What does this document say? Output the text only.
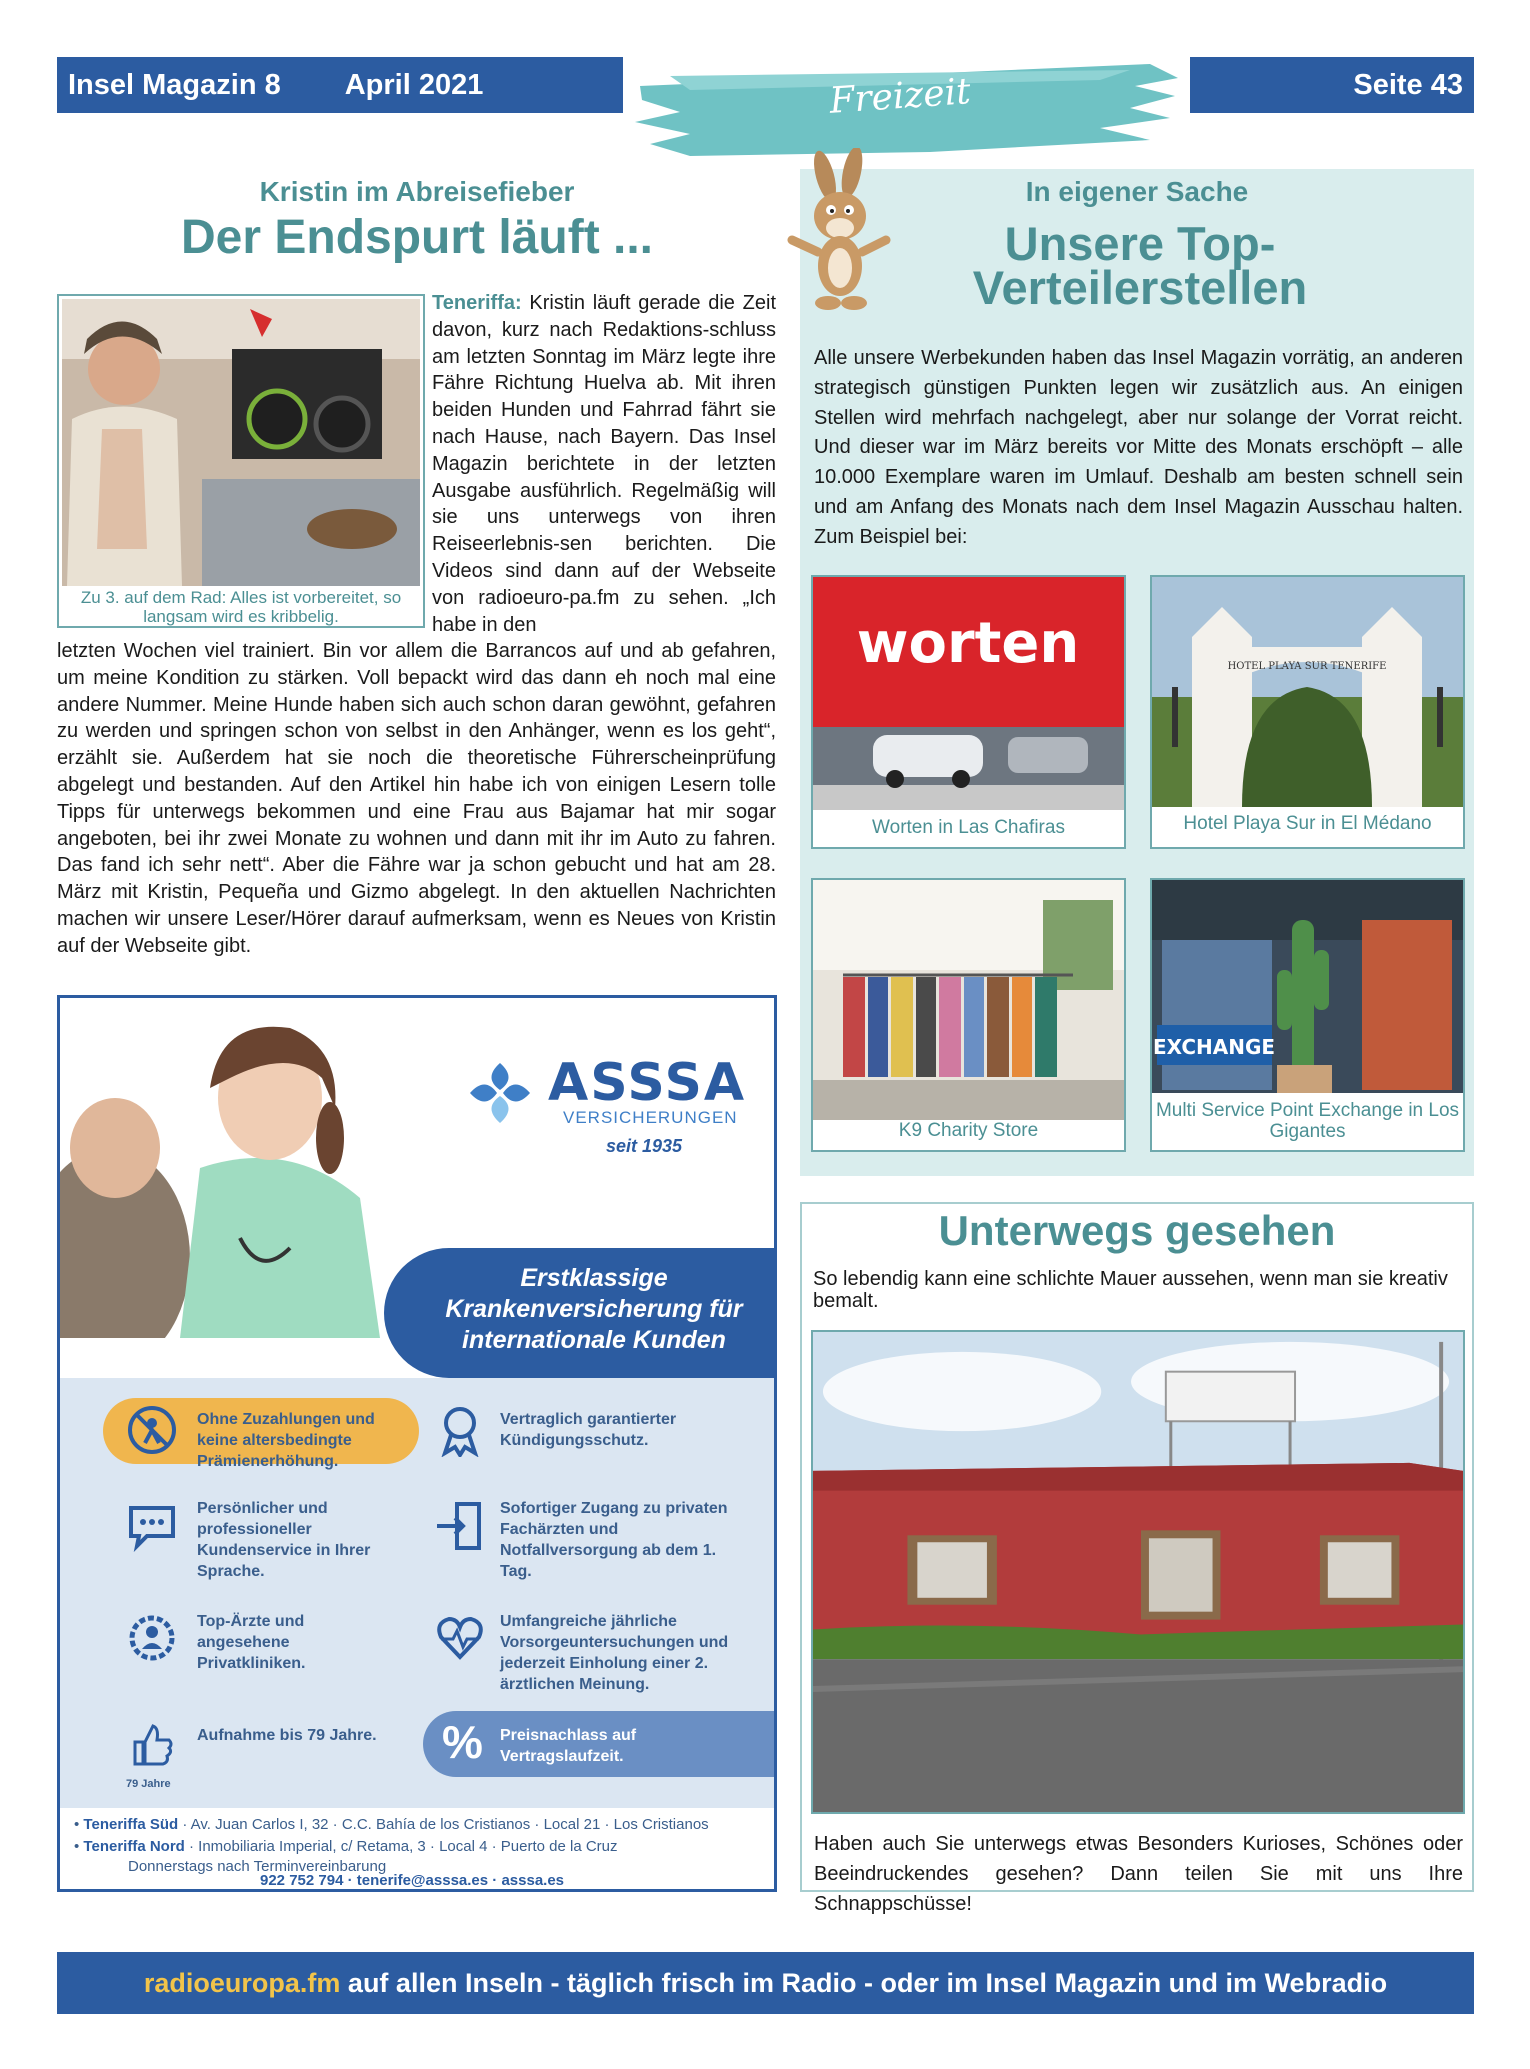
Insel Magazin 8 April 2021	Freizeit	Seite 43
Kristin im Abreisefieber
Der Endspurt läuft ...
Zu 3. auf dem Rad: Alles ist vorbereitet, so langsam wird es kribbelig.
Teneriffa: Kristin läuft gerade die Zeit davon, kurz nach Redaktions-schluss am letzten Sonntag im März legte ihre Fähre Richtung Huelva ab. Mit ihren beiden Hunden und Fahrrad fährt sie nach Hause, nach Bayern. Das Insel Magazin berichtete in der letzten Ausgabe ausführlich. Regelmäßig will sie uns unterwegs von ihren Reiseerlebnis-sen berichten. Die Videos sind dann auf der Webseite von radioeuro-pa.fm zu sehen. „Ich habe in den
letzten Wochen viel trainiert. Bin vor allem die Barrancos auf und ab gefahren, um meine Kondition zu stärken. Voll bepackt wird das dann eh noch mal eine andere Nummer. Meine Hunde haben sich auch schon daran gewöhnt, gefahren zu werden und springen schon von selbst in den Anhänger, wenn es los geht“, erzählt sie. Außerdem hat sie noch die theoretische Führerscheinprüfung abgelegt und bestanden. Auf den Artikel hin habe ich von einigen Lesern tolle Tipps für unterwegs bekommen und eine Frau aus Bajamar hat mir sogar angeboten, bei ihr zwei Monate zu wohnen und dann mit ihr im Auto zu fahren. Das fand ich sehr nett“. Aber die Fähre war ja schon gebucht und hat am 28. März mit Kristin, Pequeña und Gizmo abgelegt. In den aktuellen Nachrichten machen wir unsere Leser/Hörer darauf aufmerksam, wenn es Neues von Kristin auf der Webseite gibt.
ASSSA
VERSICHERUNGEN
seit 1935
Erstklassige Krankenversicherung für internationale Kunden
79 Jahre
%
Ohne Zuzahlungen und keine altersbedingte Prämienerhöhung.
Vertraglich garantierter Kündigungsschutz.
Persönlicher und professioneller Kundenservice in Ihrer Sprache.
Sofortiger Zugang zu privaten Fachärzten und Notfallversorgung ab dem 1. Tag.
Top-Ärzte und angesehene Privatkliniken.
Umfangreiche jährliche Vorsorgeuntersuchungen und jederzeit Einholung einer 2. ärztlichen Meinung.
Aufnahme bis 79 Jahre.	Preisnachlass auf Vertragslaufzeit.
• Teneriffa Süd · Av. Juan Carlos I, 32 · C.C. Bahía de los Cristianos · Local 21 · Los Cristianos
• Teneriffa Nord · Inmobiliaria Imperial, c/ Retama, 3 · Local 4 · Puerto de la Cruz
Donnerstags nach Terminvereinbarung
922 752 794 · tenerife@asssa.es · asssa.es
In eigener Sache
Unsere Top-Verteilerstellen
Alle unsere Werbekunden haben das Insel Magazin vorrätig, an anderen strategisch günstigen Punkten legen wir zusätzlich aus. An einigen Stellen wird mehrfach nachgelegt, aber nur solange der Vorrat reicht. Und dieser war im März bereits vor Mitte des Monats erschöpft – alle 10.000 Exemplare waren im Umlauf. Deshalb am besten schnell sein und am Anfang des Monats nach dem Insel Magazin Ausschau halten. Zum Beispiel bei:
worten
Worten in Las Chafiras
HOTEL PLAYA SUR TENERIFE
Hotel Playa Sur in El Médano
K9 Charity Store
EXCHANGE
Multi Service Point Exchange in Los Gigantes
Unterwegs gesehen
So lebendig kann eine schlichte Mauer aussehen, wenn man sie kreativ bemalt.
Haben auch Sie unterwegs etwas Besonders Kurioses, Schönes oder Beeindruckendes gesehen? Dann teilen Sie mit uns Ihre Schnappschüsse!
radioeuropa.fm auf allen Inseln - täglich frisch im Radio - oder im Insel Magazin und im Webradio
